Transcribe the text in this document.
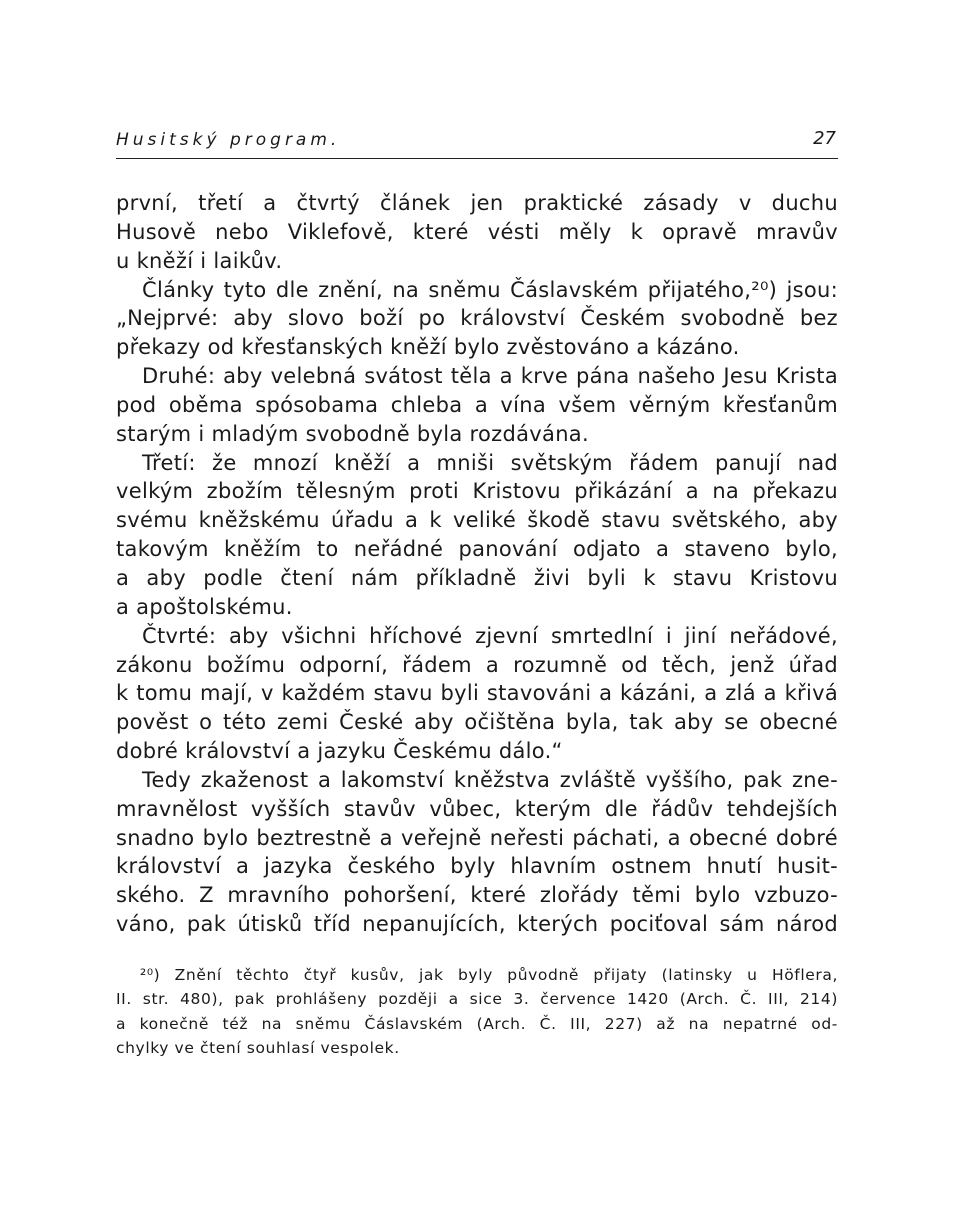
Husitský program.	27
první, třetí a čtvrtý článek jen praktické zásady v duchu
Husově nebo Viklefově, které vésti měly k opravě mravův
u kněží i laikův.
Články tyto dle znění, na sněmu Čáslavském přijatého,²⁰) jsou:
„Nejprvé: aby slovo boží po království Českém svobodně bez
překazy od křesťanských kněží bylo zvěstováno a kázáno.
Druhé: aby velebná svátost těla a krve pána našeho Jesu Krista
pod oběma spósobama chleba a vína všem věrným křesťanům
starým i mladým svobodně byla rozdávána.
Třetí: že mnozí kněží a mniši světským řádem panují nad
velkým zbožím tělesným proti Kristovu přikázání a na překazu
svému kněžskému úřadu a k veliké škodě stavu světského, aby
takovým kněžím to neřádné panování odjato a staveno bylo,
a aby podle čtení nám příkladně živi byli k stavu Kristovu
a apoštolskému.
Čtvrté: aby všichni hříchové zjevní smrtedlní i jiní neřádové,
zákonu božímu odporní, řádem a rozumně od těch, jenž úřad
k tomu mají, v každém stavu byli stavováni a kázáni, a zlá a křivá
pověst o této zemi České aby očištěna byla, tak aby se obecné
dobré království a jazyku Českému dálo.“
Tedy zkaženost a lakomství kněžstva zvláště vyššího, pak zne-
mravnělost vyšších stavův vůbec, kterým dle řádův tehdejších
snadno bylo beztrestně a veřejně neřesti páchati, a obecné dobré
království a jazyka českého byly hlavním ostnem hnutí husit-
ského. Z mravního pohoršení, které zlořády těmi bylo vzbuzo-
váno, pak útisků tříd nepanujících, kterých pociťoval sám národ
²⁰) Znění těchto čtyř kusův, jak byly původně přijaty (latinsky u Höflera,
II. str. 480), pak prohlášeny později a sice 3. července 1420 (Arch. Č. III, 214)
a konečně též na sněmu Čáslavském (Arch. Č. III, 227) až na nepatrné od-
chylky ve čtení souhlasí vespolek.
